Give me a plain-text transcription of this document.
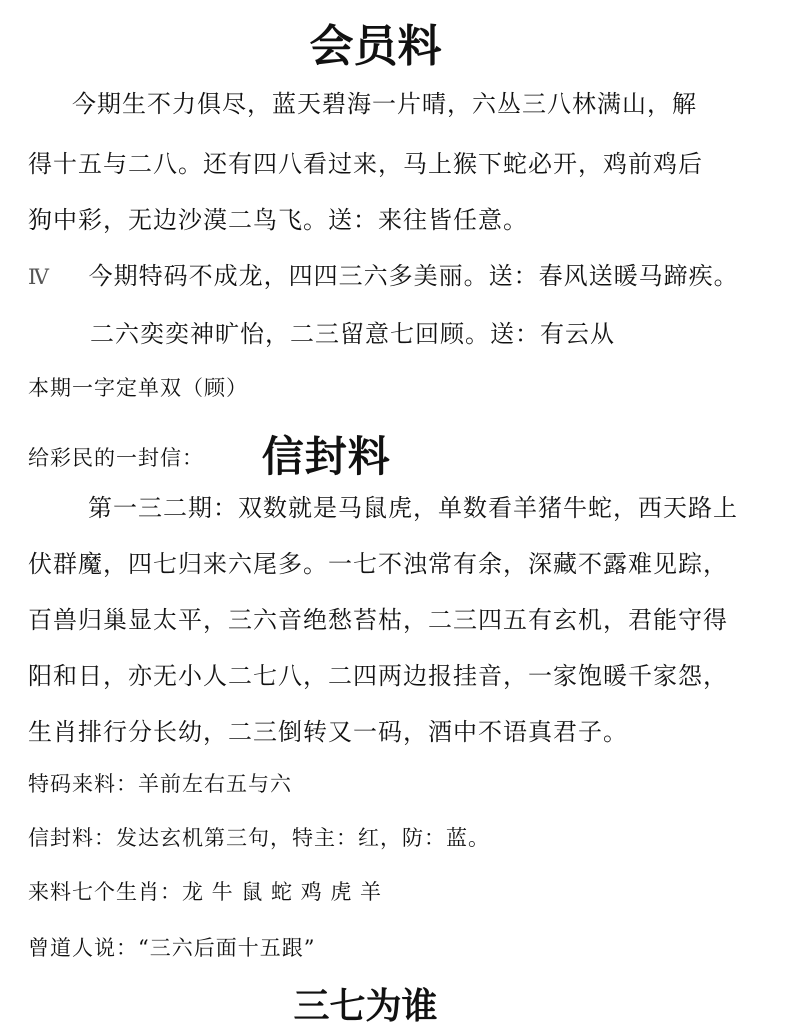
会员料
今期生不力俱尽，蓝天碧海一片晴，六丛三八林满山，解
得十五与二八。还有四八看过来，马上猴下蛇必开，鸡前鸡后
狗中彩，无边沙漠二鸟飞。送：来往皆任意。
Ⅳ 今期特码不成龙，四四三六多美丽。送：春风送暖马蹄疾。
二六奕奕神旷怡，二三留意七回顾。送：有云从
本期一字定单双（顾）
给彩民的一封信： 信封料
第一三二期：双数就是马鼠虎，单数看羊猪牛蛇，西天路上
伏群魔，四七归来六尾多。一七不浊常有余，深藏不露难见踪，
百兽归巢显太平，三六音绝愁苔枯，二三四五有玄机，君能守得
阳和日，亦无小人二七八，二四两边报挂音，一家饱暖千家怨，
生肖排行分长幼，二三倒转又一码，酒中不语真君子。
特码来料：羊前左右五与六
信封料：发达玄机第三句，特主：红，防：蓝。
来料七个生肖：龙 牛 鼠 蛇 鸡 虎 羊
曾道人说：“三六后面十五跟”
三七为谁
